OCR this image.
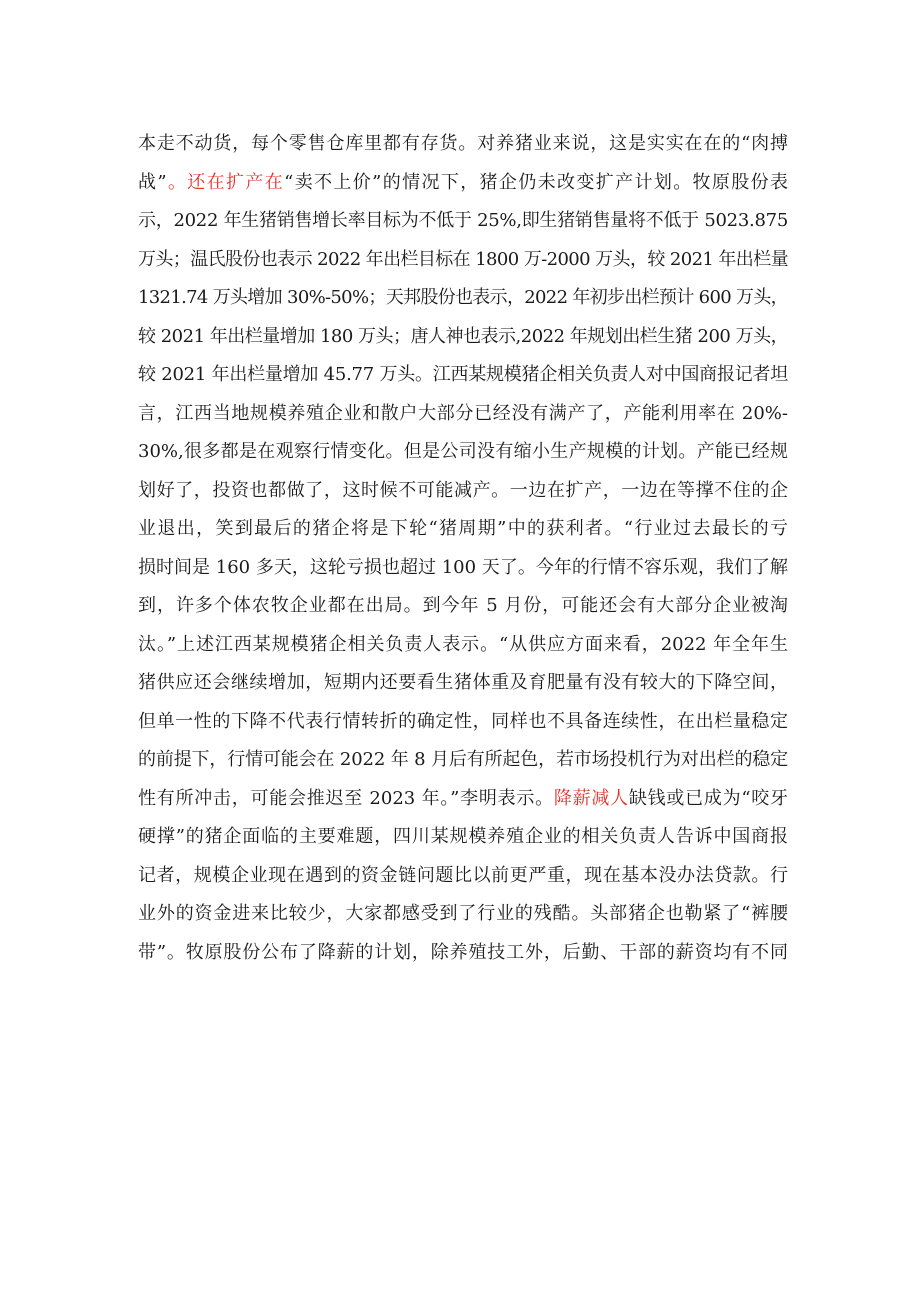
本走不动货，每个零售仓库里都有存货。对养猪业来说，这是实实在在的“肉搏
战”。还在扩产在“卖不上价”的情况下，猪企仍未改变扩产计划。牧原股份表
示，2022 年生猪销售增长率目标为不低于 25%,即生猪销售量将不低于 5023.875
万头；温氏股份也表示 2022 年出栏目标在 1800 万-2000 万头，较 2021 年出栏量
1321.74 万头增加 30%-50%；天邦股份也表示，2022 年初步出栏预计 600 万头，
较 2021 年出栏量增加 180 万头；唐人神也表示,2022 年规划出栏生猪 200 万头，
较 2021 年出栏量增加 45.77 万头。江西某规模猪企相关负责人对中国商报记者坦
言，江西当地规模养殖企业和散户大部分已经没有满产了，产能利用率在 20%-
30%,很多都是在观察行情变化。但是公司没有缩小生产规模的计划。产能已经规
划好了，投资也都做了，这时候不可能减产。一边在扩产，一边在等撑不住的企
业退出，笑到最后的猪企将是下轮“猪周期”中的获利者。“行业过去最长的亏
损时间是 160 多天，这轮亏损也超过 100 天了。今年的行情不容乐观，我们了解
到，许多个体农牧企业都在出局。到今年 5 月份，可能还会有大部分企业被淘
汰。”上述江西某规模猪企相关负责人表示。“从供应方面来看，2022 年全年生
猪供应还会继续增加，短期内还要看生猪体重及育肥量有没有较大的下降空间，
但单一性的下降不代表行情转折的确定性，同样也不具备连续性，在出栏量稳定
的前提下，行情可能会在 2022 年 8 月后有所起色，若市场投机行为对出栏的稳定
性有所冲击，可能会推迟至 2023 年。”李明表示。降薪减人缺钱或已成为“咬牙
硬撑”的猪企面临的主要难题，四川某规模养殖企业的相关负责人告诉中国商报
记者，规模企业现在遇到的资金链问题比以前更严重，现在基本没办法贷款。行
业外的资金进来比较少，大家都感受到了行业的残酷。头部猪企也勒紧了“裤腰
带”。牧原股份公布了降薪的计划，除养殖技工外，后勤、干部的薪资均有不同
